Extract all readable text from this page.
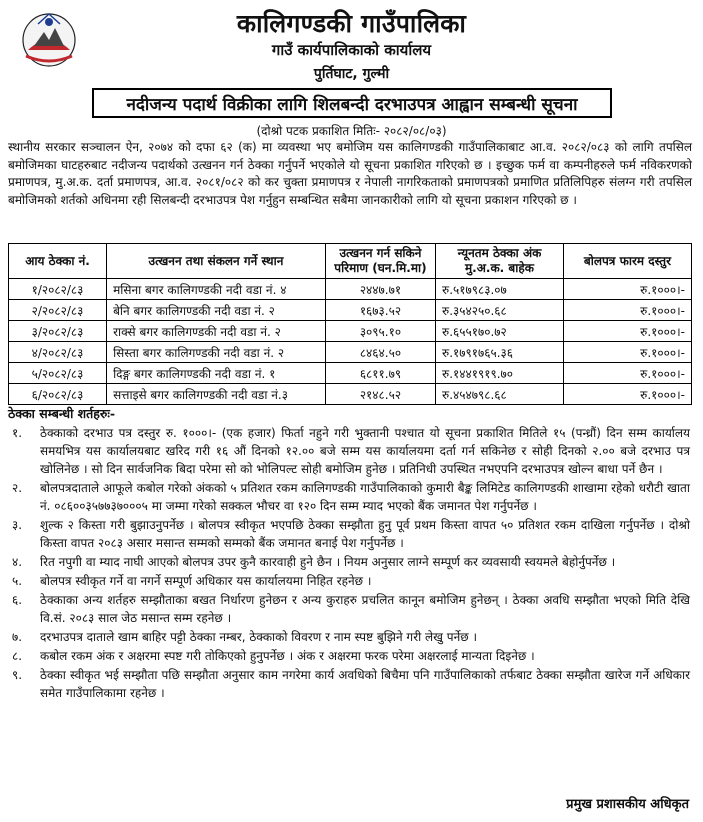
कालिगण्डकी गाउँपालिका
गाउँ कार्यपालिकाको कार्यालय
पुर्तिघाट, गुल्मी
नदीजन्य पदार्थ विक्रीका लागि शिलबन्दी दरभाउपत्र आह्वान सम्बन्धी सूचना
(दोश्रो पटक प्रकाशित मितिः- २०८२/०८/०३)
स्थानीय सरकार सञ्चालन ऐन, २०७४ को दफा ६२ (क) मा व्यवस्था भए बमोजिम यस कालिगण्डकी गाउँपालिकाबाट आ.व. २०८२/०८३ को लागि तपसिल बमोजिमका घाटहरुबाट नदीजन्य पदार्थको उत्खनन गर्न ठेक्का गर्नुपर्ने भएकोले यो सूचना प्रकाशित गरिएको छ । इच्छुक फर्म वा कम्पनीहरुले फर्म नविकरणको प्रमाणपत्र, मु.अ.क. दर्ता प्रमाणपत्र, आ.व. २०८१/०८२ को कर चुक्ता प्रमाणपत्र र नेपाली नागरिकताको प्रमाणपत्रको प्रमाणित प्रतिलिपिहरु संलग्न गरी तपसिल बमोजिमको शर्तको अधिनमा रही सिलबन्दी दरभाउपत्र पेश गर्नुहुन सम्बन्धित सबैमा जानकारीको लागि यो सूचना प्रकाशन गरिएको छ ।
आय ठेक्का नं.	उत्खनन तथा संकलन गर्ने स्थान	उत्खनन गर्न सकिने परिमाण (घन.मि.मा)	न्यूनतम ठेक्का अंक मु.अ.क. बाहेक	बोलपत्र फारम दस्तुर
१/२०८२/८३	मसिना बगर कालिगण्डकी नदी वडा नं. ४	२४४७.७१	रु.५१७९८३.०७	रु.१०००।-
२/२०८२/८३	बेनि बगर कालिगण्डकी नदी वडा नं. २	१६७३.५२	रु.३५४२५०.६८	रु.१०००।-
३/२०८२/८३	राक्से बगर कालिगण्डकी नदी वडा नं. २	३०९५.१०	रु.६५५१७०.७२	रु.१०००।-
४/२०८२/८३	सिस्ता बगर कालिगण्डकी नदी वडा नं. २	८४६४.५०	रु.१७९१७६५.३६	रु.१०००।-
५/२०८२/८३	दिङ्ग बगर कालिगण्डकी नदी वडा नं. १	६८११.७९	रु.१४४१९१९.७०	रु.१०००।-
६/२०८२/८३	सत्ताइसे बगर कालिगण्डकी नदी वडा नं.३	२१४८.५२	रु.४५४७९८.६८	रु.१०००।-
ठेक्का सम्बन्धी शर्तहरुः-
१.	ठेक्काको दरभाउ पत्र दस्तुर रु. १०००।- (एक हजार) फिर्ता नहुने गरी भुक्तानी पश्चात यो सूचना प्रकाशित मितिले १५ (पन्ध्रौं) दिन सम्म कार्यालय समयभित्र यस कार्यालयबाट खरिद गरी १६ औं दिनको १२.०० बजे सम्म यस कार्यालयमा दर्ता गर्न सकिनेछ र सोही दिनको २.०० बजे दरभाउ पत्र खोलिनेछ । सो दिन सार्वजनिक बिदा परेमा सो को भोलिपल्ट सोही बमोजिम हुनेछ । प्रतिनिधी उपस्थित नभएपनि दरभाउपत्र खोल्न बाधा पर्ने छैन ।
२.	बोलपत्रदाताले आफूले कबोल गरेको अंकको ५ प्रतिशत रकम कालिगण्डकी गाउँपालिकाको कुमारी बैङ्क लिमिटेड कालिगण्डकी शाखामा रहेको धरौटी खाता नं. ०८६००३५७७३७०००५ मा जम्मा गरेको सक्कल भौचर वा १२० दिन सम्म म्याद भएको बैंक जमानत पेश गर्नुपर्नेछ ।
३.	शुल्क २ किस्ता गरी बुझाउनुपर्नेछ । बोलपत्र स्वीकृत भएपछि ठेक्का सम्झौता हुनु पूर्व प्रथम किस्ता वापत ५० प्रतिशत रकम दाखिला गर्नुपर्नेछ । दोश्रो किस्ता वापत २०८३ असार मसान्त सम्मको सम्मको बैंक जमानत बनाई पेश गर्नुपर्नेछ ।
४.	रित नपुगी वा म्याद नाघी आएको बोलपत्र उपर कुनै कारवाही हुने छैन । नियम अनुसार लाग्ने सम्पूर्ण कर व्यवसायी स्वयमले बेहोर्नुपर्नेछ ।
५.	बोलपत्र स्वीकृत गर्ने वा नगर्ने सम्पूर्ण अधिकार यस कार्यालयमा निहित रहनेछ ।
६.	ठेक्काका अन्य शर्तहरु सम्झौताका बखत निर्धारण हुनेछन र अन्य कुराहरु प्रचलित कानून बमोजिम हुनेछन् । ठेक्का अवधि सम्झौता भएको मिति देखि वि.सं. २०८३ साल जेठ मसान्त सम्म रहनेछ ।
७.	दरभाउपत्र दाताले खाम बाहिर पट्टी ठेक्का नम्बर, ठेक्काको विवरण र नाम स्पष्ट बुझिने गरी लेखु पर्नेछ ।
८.	कबोल रकम अंक र अक्षरमा स्पष्ट गरी तोकिएको हुनुपर्नेछ । अंक र अक्षरमा फरक परेमा अक्षरलाई मान्यता दिइनेछ ।
९.	ठेक्का स्वीकृत भई सम्झौता पछि सम्झौता अनुसार काम नगरेमा कार्य अवधिको बिचैमा पनि गाउँपालिकाको तर्फबाट ठेक्का सम्झौता खारेज गर्ने अधिकार समेत गाउँपालिकामा रहनेछ ।
प्रमुख प्रशासकीय अधिकृत
